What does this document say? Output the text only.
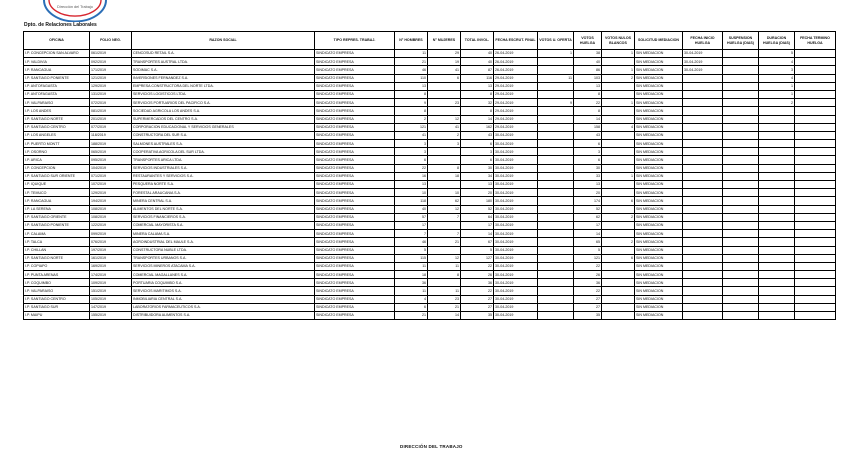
Dirección del Trabajo
Dpto. de Relaciones Laborales
OFICINA	FOLIO NEG.	RAZON SOCIAL	TIPO REPRES. TRABAJ.	N° HOMBRES	N° MUJERES	TOTAL INVOL.	FECHA ESCRUT. FINAL	VOTOS U. OFERTA	VOTOS HUELGA	VOTOS NULOS BLANCOS	SOLICITUD MEDIACION	FECHA INICIO HUELGA	SUSPENSION HUELGA (DIAS)	DURACION HUELGA (DIAS)	FECHA TERMINO HUELGA
I.P. CONCEPCION SAN ALVARO	061/2019	CENCOSUD RETAIL S.A.	SINDICATO EMPRESA	11	29	40	26-04-2019	1	38	1	SIN MEDIACION	30-04-2019		5	
I.P. VALDIVIA	092/2019	TRANSPORTES AUSTRAL LTDA.	SINDICATO EMPRESA	21	19	40	26-04-2019		40		SIN MEDIACION	30-04-2019		4	
I.P. RANCAGUA	171/2019	SODIMAC S.A.	SINDICATO EMPRESA	46	41	87	26-04-2019		86	1	SIN MEDIACION	30-04-2019		3	
I.P. SANTIAGO PONIENTE	121/2019	INVERSIONES FERNANDEZ S.A.	SINDICATO EMPRESA	110	6	116	29-04-2019	11	103	2	SIN MEDIACION			4	
I.P. ANTOFAGASTA	129/2019	EMPRESA CONSTRUCTORA DEL NORTE LTDA.	SINDICATO EMPRESA	13		13	29-04-2019		13		SIN MEDIACION			1	
I.P. ANTOFAGASTA	131/2019	SERVICIOS LOGISTICOS LTDA.	SINDICATO EMPRESA	8		8	29-04-2019		8		SIN MEDIACION			1	
I.P. VALPARAISO	072/2019	SERVICIOS PORTUARIOS DEL PACIFICO S.A.	SINDICATO EMPRESA	9	23	32	29-04-2019	9	22	1	SIN MEDIACION			2	
I.P. LOS ANDES	081/2019	SOCIEDAD AGRICOLA LOS ANDES S.A.	SINDICATO EMPRESA	8		8	29-04-2019		8		SIN MEDIACION				
I.P. SANTIAGO NORTE	201/2019	SUPERMERCADOS DEL CENTRO S.A.	SINDICATO EMPRESA	2	12	14	29-04-2019		14		SIN MEDIACION				
I.P. SANTIAGO CENTRO	077/2019	CORPORACION EDUCACIONAL Y SERVICIOS GENERALES	SINDICATO EMPRESA	121	41	162	29-04-2019		158	4	SIN MEDIACION				
I.P. LOS ANGELES	118/2019	CONSTRUCTORA DEL SUR S.A.	SINDICATO EMPRESA	41	2	43	30-04-2019		43		SIN MEDIACION				
I.P. PUERTO MONTT	188/2019	SALMONES AUSTRALES S.A.	SINDICATO EMPRESA	3	3	6	30-04-2019		6		SIN MEDIACION				
I.P. OSORNO	065/2019	COOPERATIVA AGRICOLA DEL SUR LTDA.	SINDICATO EMPRESA	3		3	30-04-2019		3		SIN MEDIACION				
I.P. ARICA	095/2019	TRANSPORTES ARICA LTDA.	SINDICATO EMPRESA	6		6	30-04-2019		6		SIN MEDIACION				
I.P. CONCEPCION	104/2019	SERVICIOS INDUSTRIALES S.A.	SINDICATO EMPRESA	22	8	30	30-04-2019		30		SIN MEDIACION				
I.P. SANTIAGO SUR ORIENTE	071/2019	RESTAURANTES Y SERVICIOS S.A.	SINDICATO EMPRESA	16	18	34	30-04-2019		33	1	SIN MEDIACION				
I.P. IQUIQUE	107/2019	PESQUERA NORTE S.A.	SINDICATO EMPRESA	13		13	30-04-2019		13		SIN MEDIACION				
I.P. TEMUCO	129/2019	FORESTAL ARAUCANIA S.A.	SINDICATO EMPRESA	10	10	20	30-04-2019		20		SIN MEDIACION				
I.P. RANCAGUA	194/2019	MINERA CENTRAL S.A.	SINDICATO EMPRESA	118	62	180	30-04-2019		174	6	SIN MEDIACION				
I.P. LA SERENA	108/2019	ALIMENTOS DEL NORTE S.A.	SINDICATO EMPRESA	40	12	52	30-04-2019		52		SIN MEDIACION				
I.P. SANTIAGO ORIENTE	108/2019	SERVICIOS FINANCIEROS S.A.	SINDICATO EMPRESA	57	7	64	30-04-2019		62	2	SIN MEDIACION				
I.P. SANTIAGO PONIENTE	122/2019	COMERCIAL MAYORISTA S.A.	SINDICATO EMPRESA	17		17	30-04-2019		17		SIN MEDIACION				
I.P. CALAMA	099/2019	MINERA CALAMA S.A.	SINDICATO EMPRESA	7	7	14	30-04-2019		14		SIN MEDIACION				
I.P. TALCA	076/2019	AGROINDUSTRIAL DEL MAULE S.A.	SINDICATO EMPRESA	46	21	67	30-04-2019		65	2	SIN MEDIACION				
I.P. CHILLAN	197/2019	CONSTRUCTORA NUBLE LTDA.	SINDICATO EMPRESA	5		5	30-04-2019		5		SIN MEDIACION				
I.P. SANTIAGO NORTE	161/2019	TRANSPORTES URBANOS S.A.	SINDICATO EMPRESA	115	12	127	30-04-2019		121	6	SIN MEDIACION				
I.P. COPIAPO	169/2019	SERVICIOS MINEROS ATACAMA S.A.	SINDICATO EMPRESA	11	11	22	30-04-2019		22		SIN MEDIACION				
I.P. PUNTA ARENAS	174/2019	COMERCIAL MAGALLANES S.A.	SINDICATO EMPRESA	18	8	26	30-04-2019		26		SIN MEDIACION				
I.P. COQUIMBO	109/2019	PORTUARIA COQUIMBO S.A.	SINDICATO EMPRESA	36		36	30-04-2019		36		SIN MEDIACION				
I.P. VALPARAISO	151/2019	SERVICIOS MARITIMOS S.A.	SINDICATO EMPRESA	11	11	22	30-04-2019		22		SIN MEDIACION				
I.P. SANTIAGO CENTRO	105/2019	INMOBILIARIA CENTRAL S.A.	SINDICATO EMPRESA	4	23	27	30-04-2019		27		SIN MEDIACION				
I.P. SANTIAGO SUR	147/2019	LABORATORIOS FARMACEUTICOS S.A.	SINDICATO EMPRESA	6	21	27	30-04-2019		27		SIN MEDIACION				
I.P. MAIPU	155/2019	DISTRIBUIDORA ALIMENTOS S.A.	SINDICATO EMPRESA	21	14	35	30-04-2019		35		SIN MEDIACION				
DIRECCIÓN DEL TRABAJO
